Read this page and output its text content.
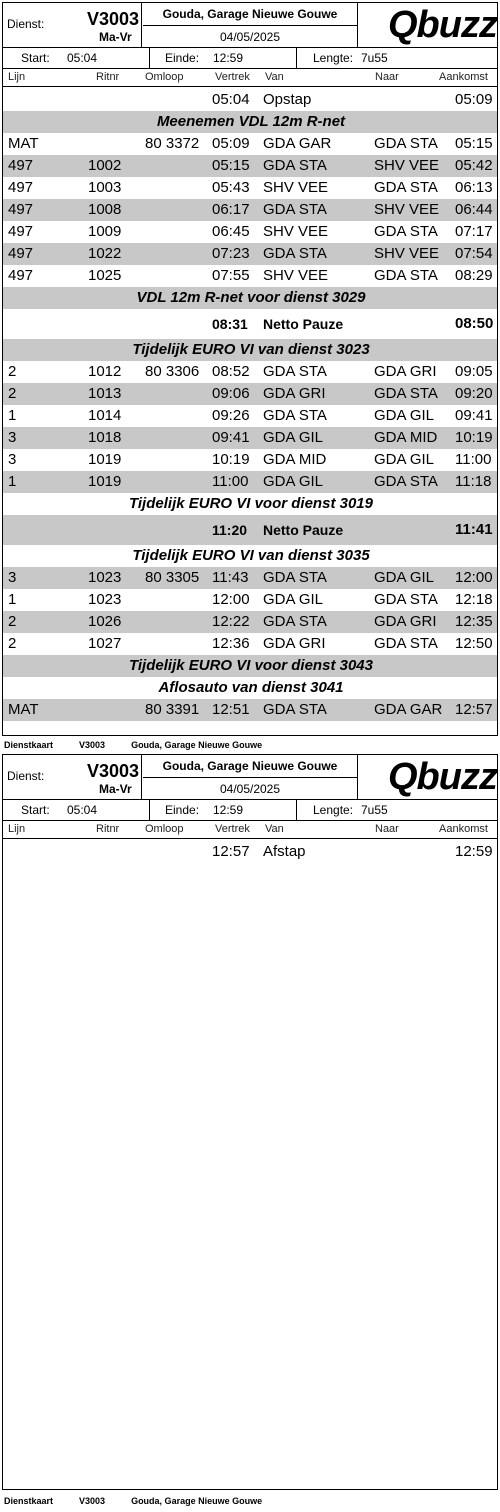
Dienst: V3003
Ma-Vr
Gouda, Garage Nieuwe Gouwe
04/05/2025	Qbuzz
Start: 05:04	Einde: 12:59	Lengte: 7u55
Lijn	Ritnr Omloop	Vertrek Van	Naar	Aankomst
05:04 Opstap	05:09
Meenemen VDL 12m R-net
MAT	80 3372 05:09 GDA GAR	GDA STA 05:15
497	1002	05:15 GDA STA	SHV VEE 05:42
497	1003	05:43 SHV VEE	GDA STA 06:13
497	1008	06:17 GDA STA	SHV VEE 06:44
497	1009	06:45 SHV VEE	GDA STA 07:17
497	1022	07:23 GDA STA	SHV VEE 07:54
497	1025	07:55 SHV VEE	GDA STA 08:29
VDL 12m R-net voor dienst 3029
08:31 Netto Pauze	08:50
Tijdelijk EURO VI van dienst 3023
2	1012 80 3306 08:52 GDA STA	GDA GRI 09:05
2	1013	09:06 GDA GRI	GDA STA 09:20
1	1014	09:26 GDA STA	GDA GIL 09:41
3	1018	09:41 GDA GIL	GDA MID 10:19
3	1019	10:19 GDA MID	GDA GIL 11:00
1	1019	11:00 GDA GIL	GDA STA 11:18
Tijdelijk EURO VI voor dienst 3019
11:20 Netto Pauze	11:41
Tijdelijk EURO VI van dienst 3035
3	1023 80 3305 11:43 GDA STA	GDA GIL 12:00
1	1023	12:00 GDA GIL	GDA STA 12:18
2	1026	12:22 GDA STA	GDA GRI 12:35
2	1027	12:36 GDA GRI	GDA STA 12:50
Tijdelijk EURO VI voor dienst 3043
Aflosauto van dienst 3041
MAT	80 3391 12:51 GDA STA	GDA GAR 12:57
Dienstkaart	V3003	Gouda, Garage Nieuwe Gouwe
Dienst: V3003
Ma-Vr
Gouda, Garage Nieuwe Gouwe
04/05/2025	Qbuzz
Start: 05:04	Einde: 12:59	Lengte: 7u55
Lijn	Ritnr Omloop	Vertrek Van	Naar	Aankomst
12:57 Afstap	12:59
Dienstkaart	V3003	Gouda, Garage Nieuwe Gouwe
